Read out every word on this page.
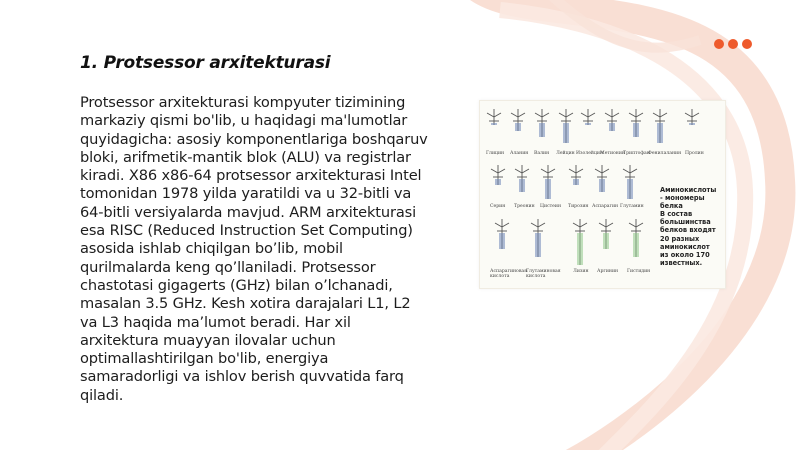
1. Protsessor arxitekturasi

Protsessor arxitekturasi kompyuter tizimining markaziy qismi bo'lib, u haqidagi ma'lumotlar quyidagicha: asosiy komponentlariga boshqaruv bloki, arifmetik-mantik blok (ALU) va registrlar kiradi. X86 x86-64 protsessor arxitekturasi Intel tomonidan 1978 yilda yaratildi va u 32-bitli va 64-bitli versiyalarda mavjud. ARM arxitekturasi esa RISC (Reduced Instruction Set Computing) asosida ishlab chiqilgan bo’lib, mobil qurilmalarda keng qo’llaniladi. Protsessor chastotasi gigagerts (GHz) bilan o’lchanadi, masalan 3.5 GHz. Kesh xotira darajalari L1, L2 va L3 haqida ma’lumot beradi. Har xil arxitektura muayyan ilovalar uchun optimallashtirilgan bo'lib, energiya samaradorligi va ishlov berish quvvatida farq qiladi.

Глицин Аланин Валин Лейцин Изолейцин
Метионин
Триптофан
Фенилаланин Пролин
Серин Треонин Цистеин Тирозин Аспарагин Глутамин
Аспарагиновая кислота
Глутаминовая кислота
Лизин Аргинин Гистидин

Аминокислоты
- мономеры
белка
В состав
большинства
белков входят
20 разных
аминокислот
из около 170
известных.
